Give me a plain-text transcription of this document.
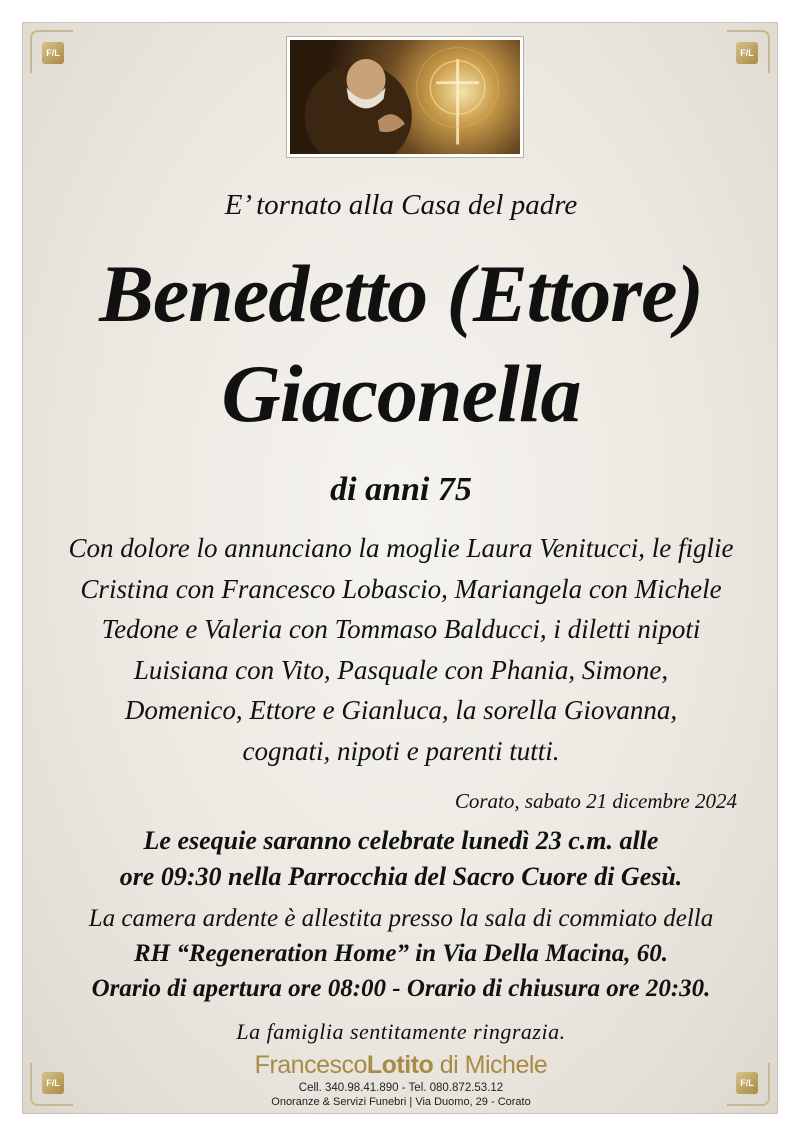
F/L	F/L
F/L	F/L
E’ tornato alla Casa del padre
Benedetto (Ettore)
Giaconella
di anni 75
Con dolore lo annunciano la moglie Laura Venitucci, le figlie
Cristina con Francesco Lobascio, Mariangela con Michele
Tedone e Valeria con Tommaso Balducci, i diletti nipoti
Luisiana con Vito, Pasquale con Phania, Simone,
Domenico, Ettore e Gianluca, la sorella Giovanna,
cognati, nipoti e parenti tutti.
Corato, sabato 21 dicembre 2024
Le esequie saranno celebrate lunedì 23 c.m. alle
ore 09:30 nella Parrocchia del Sacro Cuore di Gesù.
La camera ardente è allestita presso la sala di commiato della
RH “Regeneration Home” in Via Della Macina, 60.
Orario di apertura ore 08:00 - Orario di chiusura ore 20:30.
La famiglia sentitamente ringrazia.
FrancescoLotito di Michele
Cell. 340.98.41.890 - Tel. 080.872.53.12
Onoranze & Servizi Funebri | Via Duomo, 29 - Corato
